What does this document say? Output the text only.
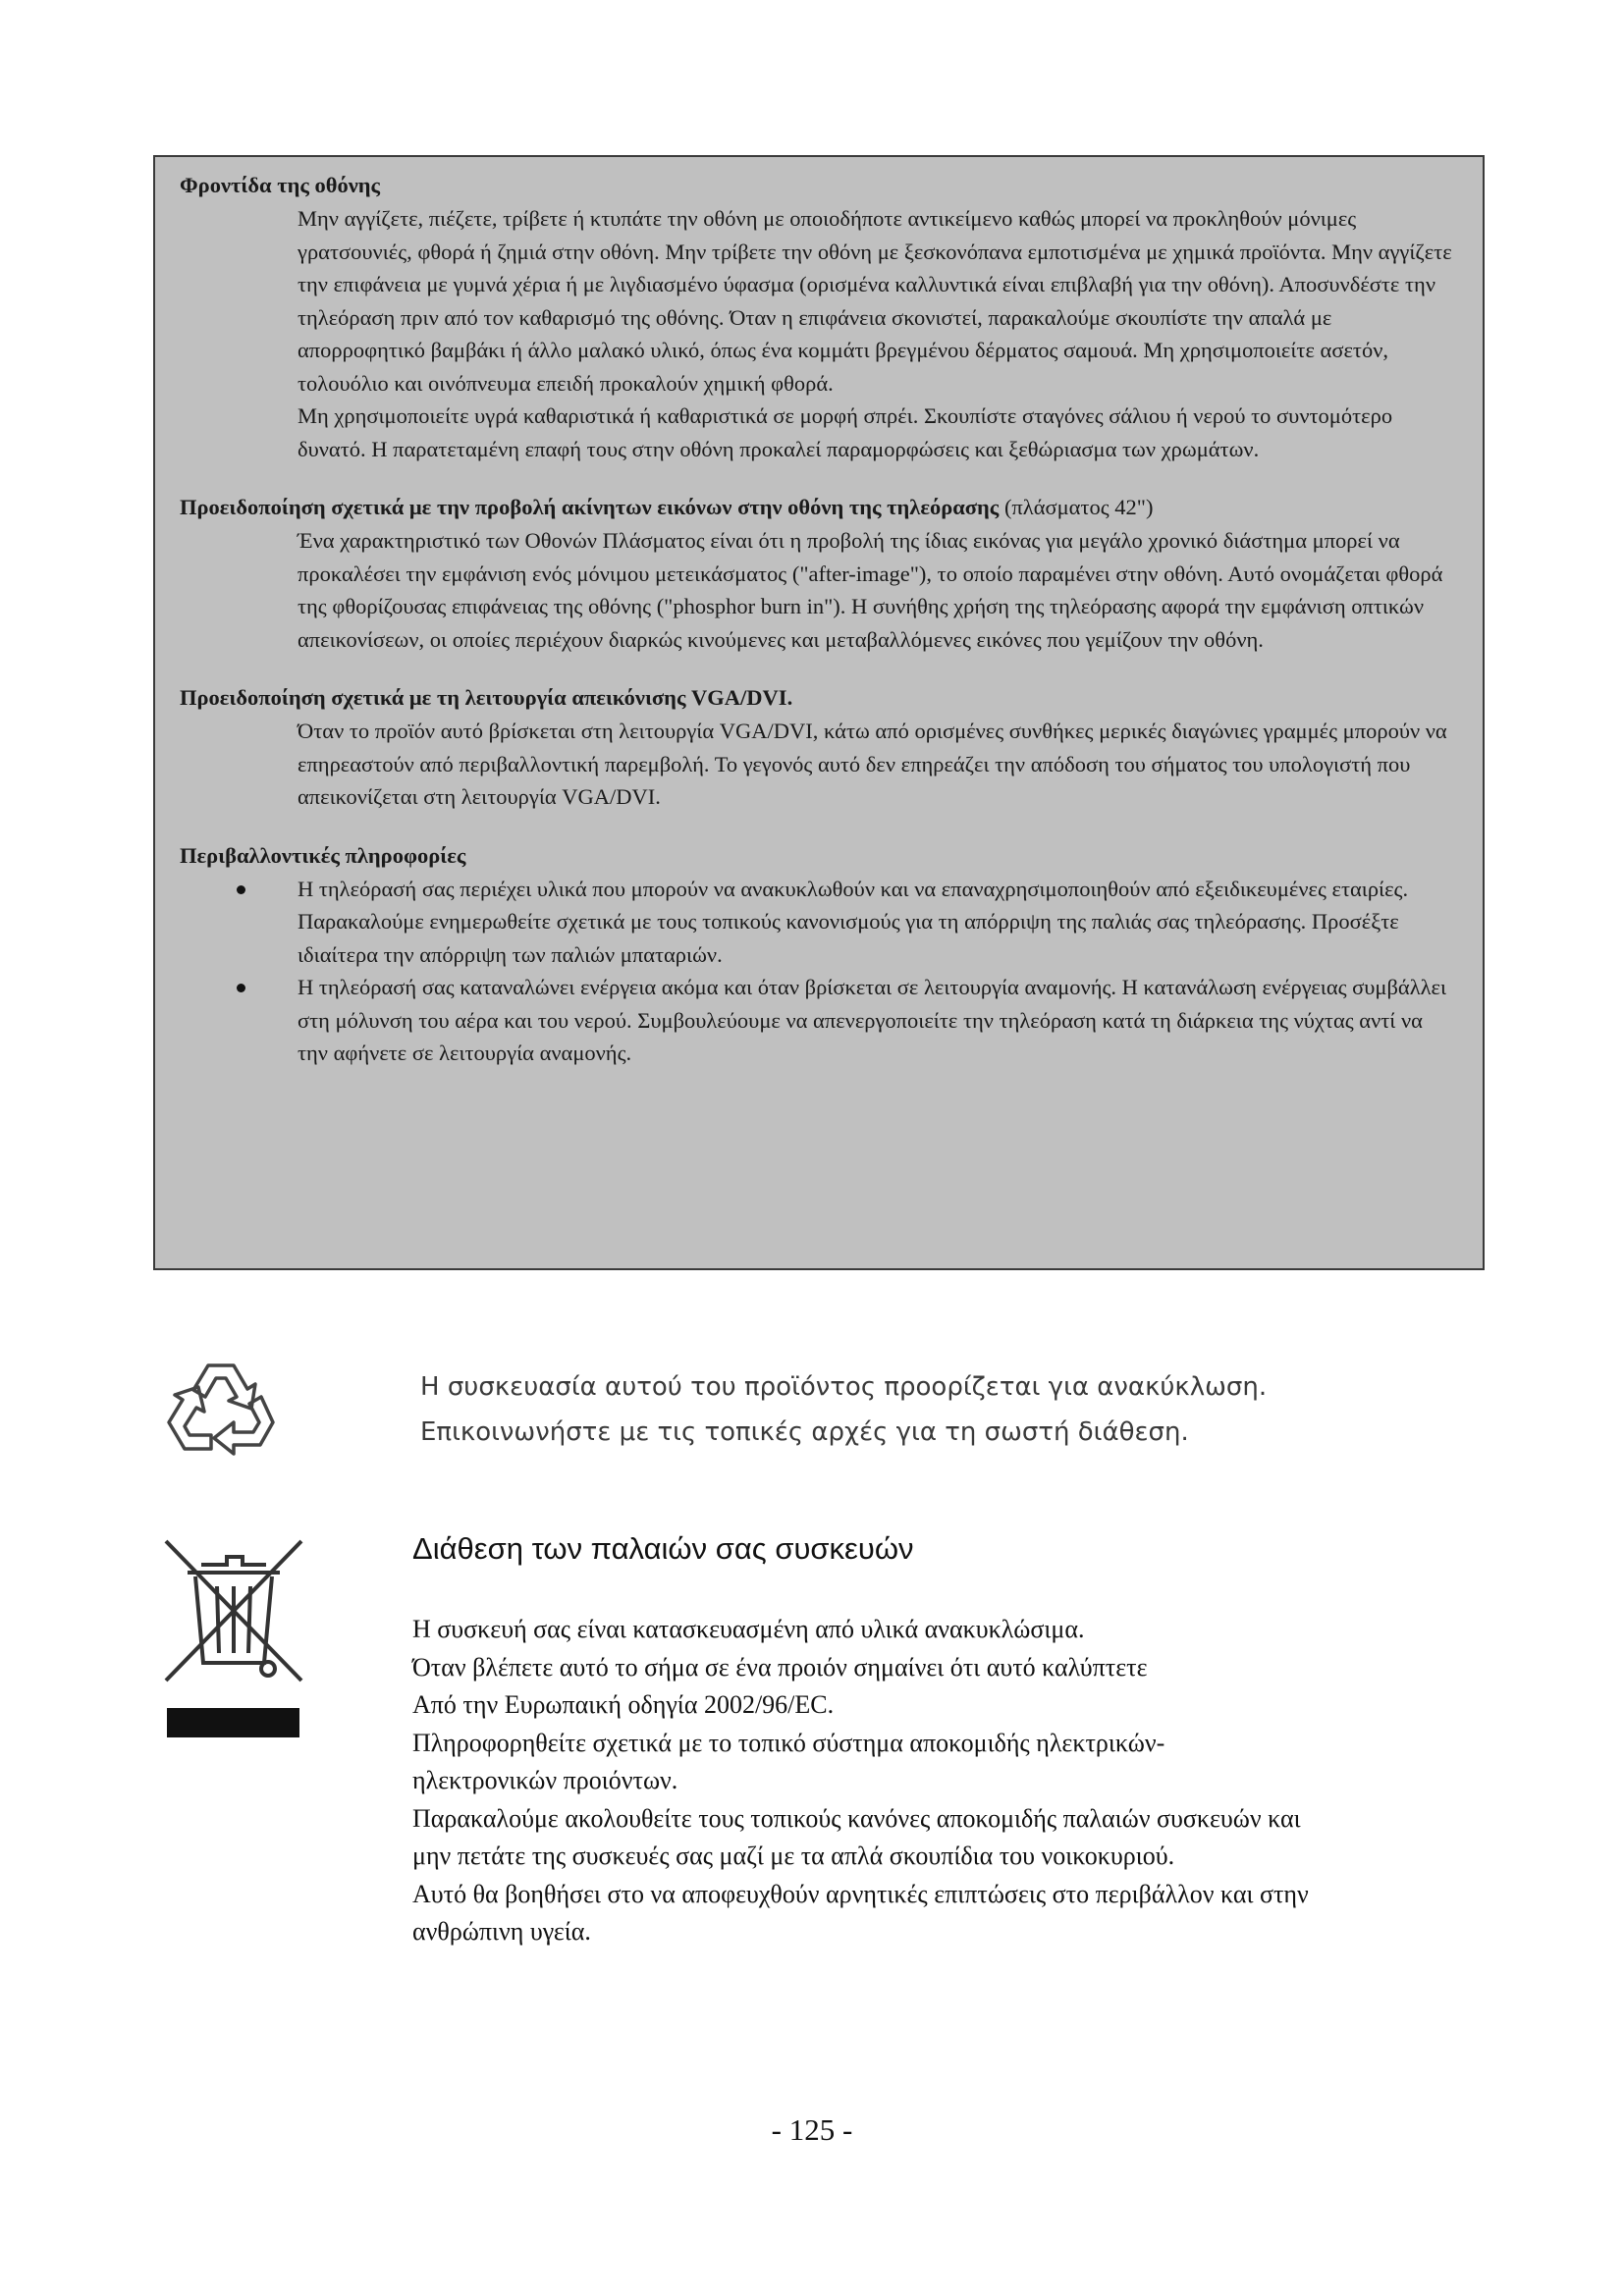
Φροντίδα της οθόνης
Μην αγγίζετε, πιέζετε, τρίβετε ή κτυπάτε την οθόνη με οποιοδήποτε αντικείμενο καθώς μπορεί να προκληθούν μόνιμες γρατσουνιές, φθορά ή ζημιά στην οθόνη. Μην τρίβετε την οθόνη με ξεσκονόπανα εμποτισμένα με χημικά προϊόντα. Μην αγγίζετε την επιφάνεια με γυμνά χέρια ή με λιγδιασμένο ύφασμα (ορισμένα καλλυντικά είναι επιβλαβή για την οθόνη). Αποσυνδέστε την τηλεόραση πριν από τον καθαρισμό της οθόνης. Όταν η επιφάνεια σκονιστεί, παρακαλούμε σκουπίστε την απαλά με απορροφητικό βαμβάκι ή άλλο μαλακό υλικό, όπως ένα κομμάτι βρεγμένου δέρματος σαμουά. Μη χρησιμοποιείτε ασετόν, τολουόλιο και οινόπνευμα επειδή προκαλούν χημική φθορά.
Μη χρησιμοποιείτε υγρά καθαριστικά ή καθαριστικά σε μορφή σπρέι. Σκουπίστε σταγόνες σάλιου ή νερού το συντομότερο δυνατό. Η παρατεταμένη επαφή τους στην οθόνη προκαλεί παραμορφώσεις και ξεθώριασμα των χρωμάτων.
Προειδοποίηση σχετικά με την προβολή ακίνητων εικόνων στην οθόνη της τηλεόρασης (πλάσματος 42")
Ένα χαρακτηριστικό των Οθονών Πλάσματος είναι ότι η προβολή της ίδιας εικόνας για μεγάλο χρονικό διάστημα μπορεί να προκαλέσει την εμφάνιση ενός μόνιμου μετεικάσματος ("after-image"), το οποίο παραμένει στην οθόνη. Αυτό ονομάζεται φθορά της φθορίζουσας επιφάνειας της οθόνης ("phosphor burn in"). Η συνήθης χρήση της τηλεόρασης αφορά την εμφάνιση οπτικών απεικονίσεων, οι οποίες περιέχουν διαρκώς κινούμενες και μεταβαλλόμενες εικόνες που γεμίζουν την οθόνη.
Προειδοποίηση σχετικά με τη λειτουργία απεικόνισης VGA/DVI.
Όταν το προϊόν αυτό βρίσκεται στη λειτουργία VGA/DVI, κάτω από ορισμένες συνθήκες μερικές διαγώνιες γραμμές μπορούν να επηρεαστούν από περιβαλλοντική παρεμβολή. Το γεγονός αυτό δεν επηρεάζει την απόδοση του σήματος του υπολογιστή που απεικονίζεται στη λειτουργία VGA/DVI.
Περιβαλλοντικές πληροφορίες
Η τηλεόρασή σας περιέχει υλικά που μπορούν να ανακυκλωθούν και να επαναχρησιμοποιηθούν από εξειδικευμένες εταιρίες. Παρακαλούμε ενημερωθείτε σχετικά με τους τοπικούς κανονισμούς για τη απόρριψη της παλιάς σας τηλεόρασης. Προσέξτε ιδιαίτερα την απόρριψη των παλιών μπαταριών.
Η τηλεόρασή σας καταναλώνει ενέργεια ακόμα και όταν βρίσκεται σε λειτουργία αναμονής. Η κατανάλωση ενέργειας συμβάλλει στη μόλυνση του αέρα και του νερού. Συμβουλεύουμε να απενεργοποιείτε την τηλεόραση κατά τη διάρκεια της νύχτας αντί να την αφήνετε σε λειτουργία αναμονής.
Η συσκευασία αυτού του προϊόντος προορίζεται για ανακύκλωση.
Επικοινωνήστε με τις τοπικές αρχές για τη σωστή διάθεση.
Διάθεση των παλαιών σας συσκευών

Η συσκευή σας είναι κατασκευασμένη από υλικά ανακυκλώσιμα.

Όταν βλέπετε αυτό το σήμα σε ένα προιόν σημαίνει ότι αυτό καλύπτετε

Από την Ευρωπαική οδηγία 2002/96/EC.

Πληροφορηθείτε σχετικά με το τοπικό σύστημα αποκομιδής ηλεκτρικών-

ηλεκτρονικών προιόντων.

Παρακαλούμε ακολουθείτε τους τοπικούς κανόνες αποκομιδής παλαιών συσκευών και

μην πετάτε της συσκευές σας μαζί με τα απλά σκουπίδια του νοικοκυριού.

Αυτό θα βοηθήσει στο να αποφευχθούν αρνητικές επιπτώσεις στο περιβάλλον και στην

ανθρώπινη υγεία.

- 125 -
